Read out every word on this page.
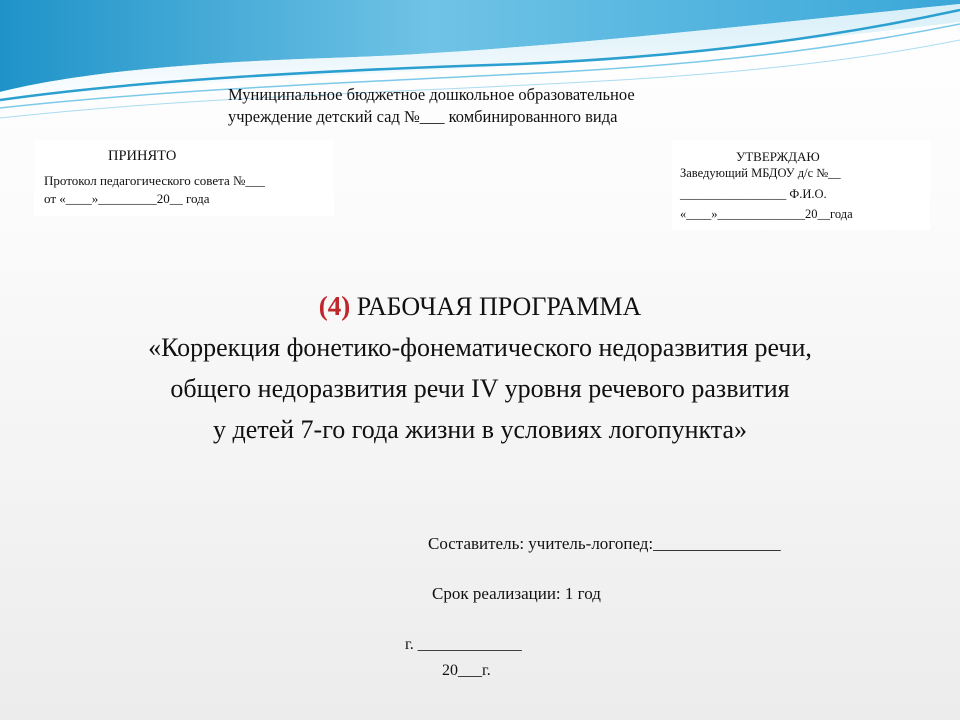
Муниципальное бюджетное дошкольное образовательное
учреждение детский сад №___ комбинированного вида
ПРИНЯТО
Протокол педагогического совета №___
от «____»_________20__ года
УТВЕРЖДАЮ
Заведующий МБДОУ д/с №__
_________________ Ф.И.О.
«____»______________20__года
(4) РАБОЧАЯ ПРОГРАММА
«Коррекция фонетико-фонематического недоразвития речи,
общего недоразвития речи IV уровня речевого развития
у детей 7-го года жизни в условиях логопункта»
Составитель: учитель-логопед:_______________
Срок реализации: 1 год
г. _____________
20___г.
